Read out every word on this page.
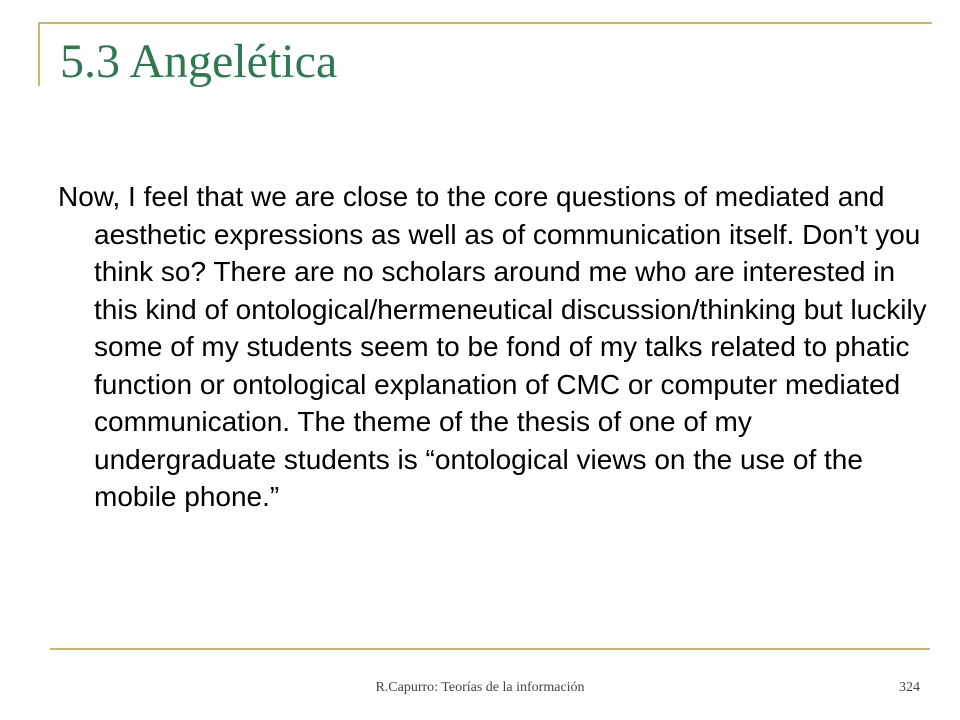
5.3 Angelética

Now, I feel that we are close to the core questions of mediated and aesthetic expressions as well as of communication itself. Don’t you think so? There are no scholars around me who are interested in this kind of ontological/hermeneutical discussion/thinking but luckily some of my students seem to be fond of my talks related to phatic function or ontological explanation of CMC or computer mediated communication. The theme of the thesis of one of my undergraduate students is “ontological views on the use of the mobile phone.”

R.Capurro: Teorías de la información	324
